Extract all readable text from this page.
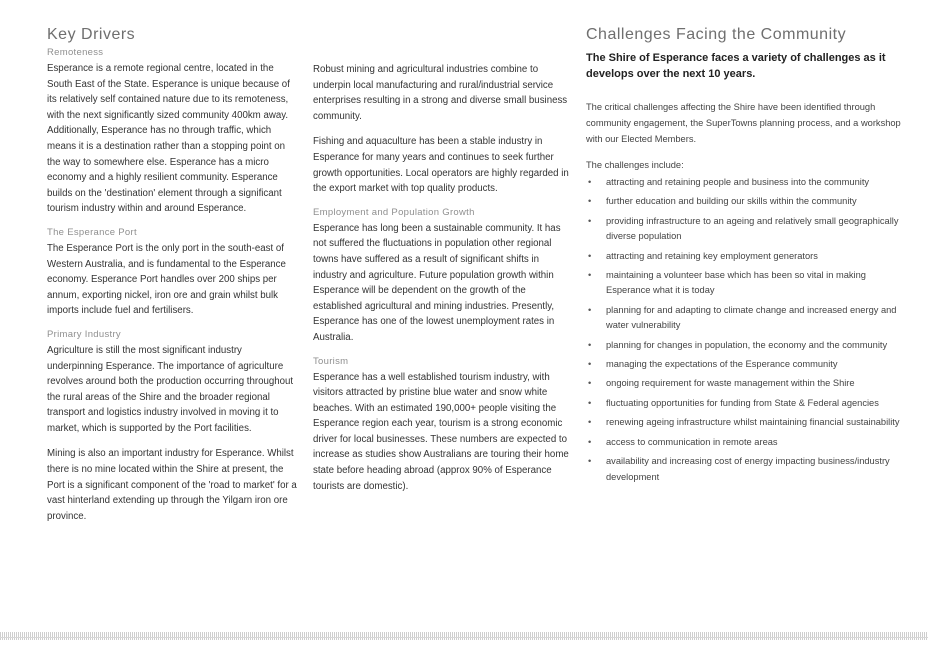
Key Drivers
Remoteness

Esperance is a remote regional centre, located in the South East of the State. Esperance is unique because of its relatively self contained nature due to its remoteness, with the next significantly sized community 400km away. Additionally, Esperance has no through traffic, which means it is a destination rather than a stopping point on the way to somewhere else. Esperance has a micro economy and a highly resilient community. Esperance builds on the 'destination' element through a significant tourism industry within and around Esperance.

The Esperance Port

The Esperance Port is the only port in the south-east of Western Australia, and is fundamental to the Esperance economy. Esperance Port handles over 200 ships per annum, exporting nickel, iron ore and grain whilst bulk imports include fuel and fertilisers.

Primary Industry

Agriculture is still the most significant industry underpinning Esperance. The importance of agriculture revolves around both the production occurring throughout the rural areas of the Shire and the broader regional transport and logistics industry involved in moving it to market, which is supported by the Port facilities.

Mining is also an important industry for Esperance. Whilst there is no mine located within the Shire at present, the Port is a significant component of the 'road to market' for a vast hinterland extending up through the Yilgarn iron ore province.

Robust mining and agricultural industries combine to underpin local manufacturing and rural/industrial service enterprises resulting in a strong and diverse small business community.

Fishing and aquaculture has been a stable industry in Esperance for many years and continues to seek further growth opportunities. Local operators are highly regarded in the export market with top quality products.

Employment and Population Growth

Esperance has long been a sustainable community. It has not suffered the fluctuations in population other regional towns have suffered as a result of significant shifts in industry and agriculture. Future population growth within Esperance will be dependent on the growth of the established agricultural and mining industries. Presently, Esperance has one of the lowest unemployment rates in Australia.

Tourism

Esperance has a well established tourism industry, with visitors attracted by pristine blue water and snow white beaches. With an estimated 190,000+ people visiting the Esperance region each year, tourism is a strong economic driver for local businesses. These numbers are expected to increase as studies show Australians are touring their home state before heading abroad (approx 90% of Esperance tourists are domestic).

Challenges Facing the Community

The Shire of Esperance faces a variety of challenges as it develops over the next 10 years.

The critical challenges affecting the Shire have been identified through community engagement, the SuperTowns planning process, and a workshop with our Elected Members.

The challenges include:

• attracting and retaining people and business into the community
• further education and building our skills within the community
• providing infrastructure to an ageing and relatively small geographically diverse population
• attracting and retaining key employment generators
• maintaining a volunteer base which has been so vital in making Esperance what it is today
• planning for and adapting to climate change and increased energy and water vulnerability
• planning for changes in population, the economy and the community
• managing the expectations of the Esperance community
• ongoing requirement for waste management within the Shire
• fluctuating opportunities for funding from State & Federal agencies
• renewing ageing infrastructure whilst maintaining financial sustainability
• access to communication in remote areas
• availability and increasing cost of energy impacting business/industry development
